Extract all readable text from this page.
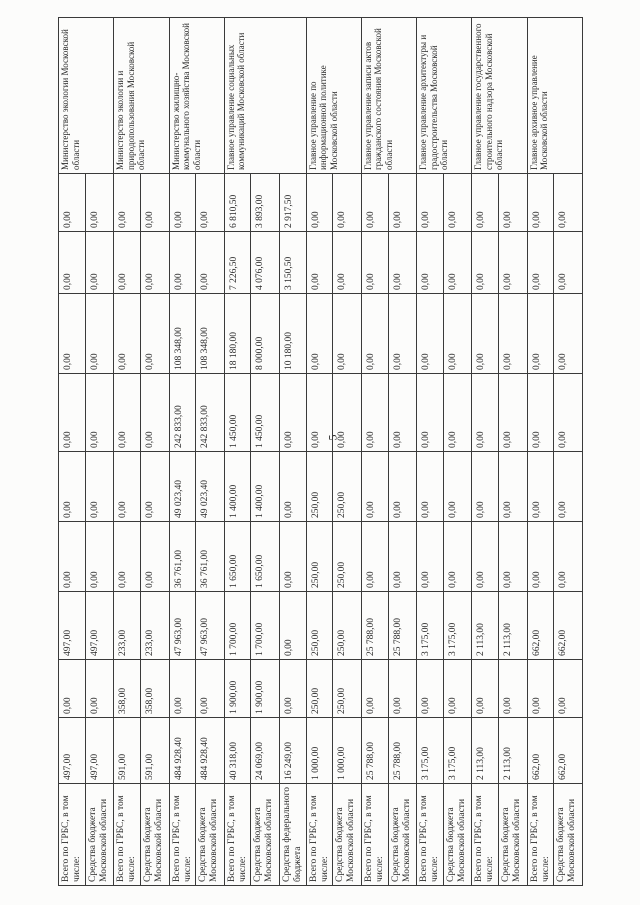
5
Всего по ГРБС, в том числе:	497,00	0,00	497,00	0,00	0,00	0,00	0,00	0,00	0,00	Министерство экологии Московской области
Средства бюджета Московской области	497,00	0,00	497,00	0,00	0,00	0,00	0,00	0,00	0,00	
Всего по ГРБС, в том числе:	591,00	358,00	233,00	0,00	0,00	0,00	0,00	0,00	0,00	Министерство экологии и природопользования Московской области
Средства бюджета Московской области	591,00	358,00	233,00	0,00	0,00	0,00	0,00	0,00	0,00	
Всего по ГРБС, в том числе:	484 928,40	0,00	47 963,00	36 761,00	49 023,40	242 833,00	108 348,00	0,00	0,00	Министерство жилищно-коммунального хозяйства Московской области
Средства бюджета Московской области	484 928,40	0,00	47 963,00	36 761,00	49 023,40	242 833,00	108 348,00	0,00	0,00	
Всего по ГРБС, в том числе:	40 318,00	1 900,00	1 700,00	1 650,00	1 400,00	1 450,00	18 180,00	7 226,50	6 810,50	Главное управление социальных коммуникаций Московской области
Средства бюджета Московской области	24 069,00	1 900,00	1 700,00	1 650,00	1 400,00	1 450,00	8 000,00	4 076,00	3 893,00	
Средства федерального бюджета	16 249,00	0,00	0,00	0,00	0,00	0,00	10 180,00	3 150,50	2 917,50	
Всего по ГРБС, в том числе:	1 000,00	250,00	250,00	250,00	250,00	0,00	0,00	0,00	0,00	Главное управление по информационной политике Московской области
Средства бюджета Московской области	1 000,00	250,00	250,00	250,00	250,00	0,00	0,00	0,00	0,00	
Всего по ГРБС, в том числе:	25 788,00	0,00	25 788,00	0,00	0,00	0,00	0,00	0,00	0,00	Главное управление записи актов гражданского состояния Московской области
Средства бюджета Московской области	25 788,00	0,00	25 788,00	0,00	0,00	0,00	0,00	0,00	0,00	
Всего по ГРБС, в том числе:	3 175,00	0,00	3 175,00	0,00	0,00	0,00	0,00	0,00	0,00	Главное управление архитектуры и градостроительства Московской области
Средства бюджета Московской области	3 175,00	0,00	3 175,00	0,00	0,00	0,00	0,00	0,00	0,00	
Всего по ГРБС, в том числе:	2 113,00	0,00	2 113,00	0,00	0,00	0,00	0,00	0,00	0,00	Главное управление государственного строительного надзора Московской области
Средства бюджета Московской области	2 113,00	0,00	2 113,00	0,00	0,00	0,00	0,00	0,00	0,00	
Всего по ГРБС, в том числе:	662,00	0,00	662,00	0,00	0,00	0,00	0,00	0,00	0,00	Главное архивное управление Московской области
Средства бюджета Московской области	662,00	0,00	662,00	0,00	0,00	0,00	0,00	0,00	0,00	
